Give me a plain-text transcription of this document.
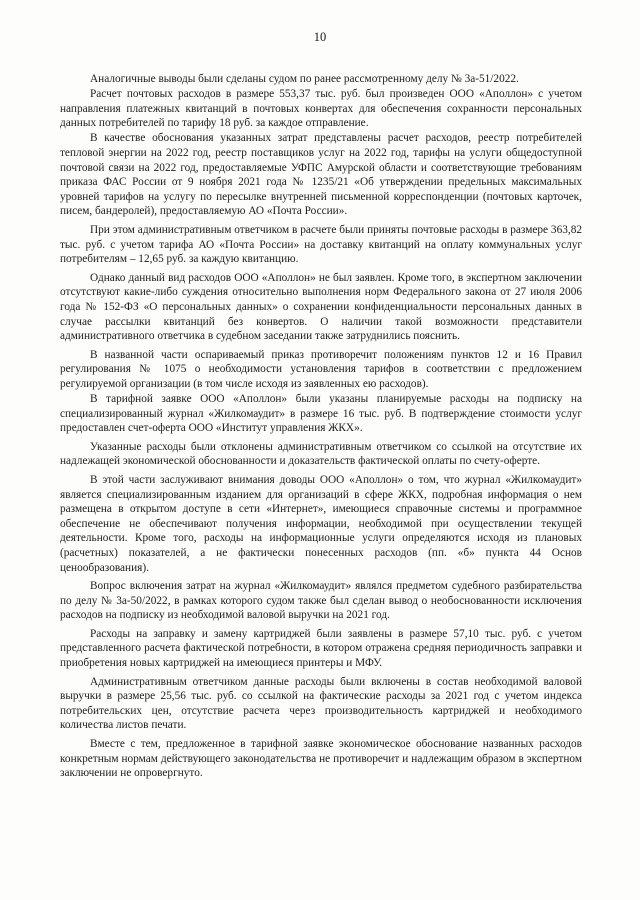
10

Аналогичные выводы были сделаны судом по ранее рассмотренному делу № 3а-51/2022.

Расчет почтовых расходов в размере 553,37 тыс. руб. был произведен ООО «Аполлон» с учетом направления платежных квитанций в почтовых конвертах для обеспечения сохранности персональных данных потребителей по тарифу 18 руб. за каждое отправление.

В качестве обоснования указанных затрат представлены расчет расходов, реестр потребителей тепловой энергии на 2022 год, реестр поставщиков услуг на 2022 год, тарифы на услуги общедоступной почтовой связи на 2022 год, предоставляемые УФПС Амурской области и соответствующие требованиям приказа ФАС России от 9 ноября 2021 года № 1235/21 «Об утверждении предельных максимальных уровней тарифов на услугу по пересылке внутренней письменной корреспонденции (почтовых карточек, писем, бандеролей), предоставляемую АО «Почта России».

При этом административным ответчиком в расчете были приняты почтовые расходы в размере 363,82 тыс. руб. с учетом тарифа АО «Почта России» на доставку квитанций на оплату коммунальных услуг потребителям – 12,65 руб. за каждую квитанцию.

Однако данный вид расходов ООО «Аполлон» не был заявлен. Кроме того, в экспертном заключении отсутствуют какие-либо суждения относительно выполнения норм Федерального закона от 27 июля 2006 года № 152-ФЗ «О персональных данных» о сохранении конфиденциальности персональных данных в случае рассылки квитанций без конвертов. О наличии такой возможности представители административного ответчика в судебном заседании также затруднились пояснить.

В названной части оспариваемый приказ противоречит положениям пунктов 12 и 16 Правил регулирования № 1075 о необходимости установления тарифов в соответствии с предложением регулируемой организации (в том числе исходя из заявленных ею расходов).

В тарифной заявке ООО «Аполлон» были указаны планируемые расходы на подписку на специализированный журнал «Жилкомаудит» в размере 16 тыс. руб. В подтверждение стоимости услуг предоставлен счет-оферта ООО «Институт управления ЖКХ».

Указанные расходы были отклонены административным ответчиком со ссылкой на отсутствие их надлежащей экономической обоснованности и доказательств фактической оплаты по счету-оферте.

В этой части заслуживают внимания доводы ООО «Аполлон» о том, что журнал «Жилкомаудит» является специализированным изданием для организаций в сфере ЖКХ, подробная информация о нем размещена в открытом доступе в сети «Интернет», имеющиеся справочные системы и программное обеспечение не обеспечивают получения информации, необходимой при осуществлении текущей деятельности. Кроме того, расходы на информационные услуги определяются исходя из плановых (расчетных) показателей, а не фактически понесенных расходов (пп. «б» пункта 44 Основ ценообразования).

Вопрос включения затрат на журнал «Жилкомаудит» являлся предметом судебного разбирательства по делу № 3а-50/2022, в рамках которого судом также был сделан вывод о необоснованности исключения расходов на подписку из необходимой валовой выручки на 2021 год.

Расходы на заправку и замену картриджей были заявлены в размере 57,10 тыс. руб. с учетом представленного расчета фактической потребности, в котором отражена средняя периодичность заправки и приобретения новых картриджей на имеющиеся принтеры и МФУ.

Административным ответчиком данные расходы были включены в состав необходимой валовой выручки в размере 25,56 тыс. руб. со ссылкой на фактические расходы за 2021 год с учетом индекса потребительских цен, отсутствие расчета через производительность картриджей и необходимого количества листов печати.

Вместе с тем, предложенное в тарифной заявке экономическое обоснование названных расходов конкретным нормам действующего законодательства не противоречит и надлежащим образом в экспертном заключении не опровергнуто.
